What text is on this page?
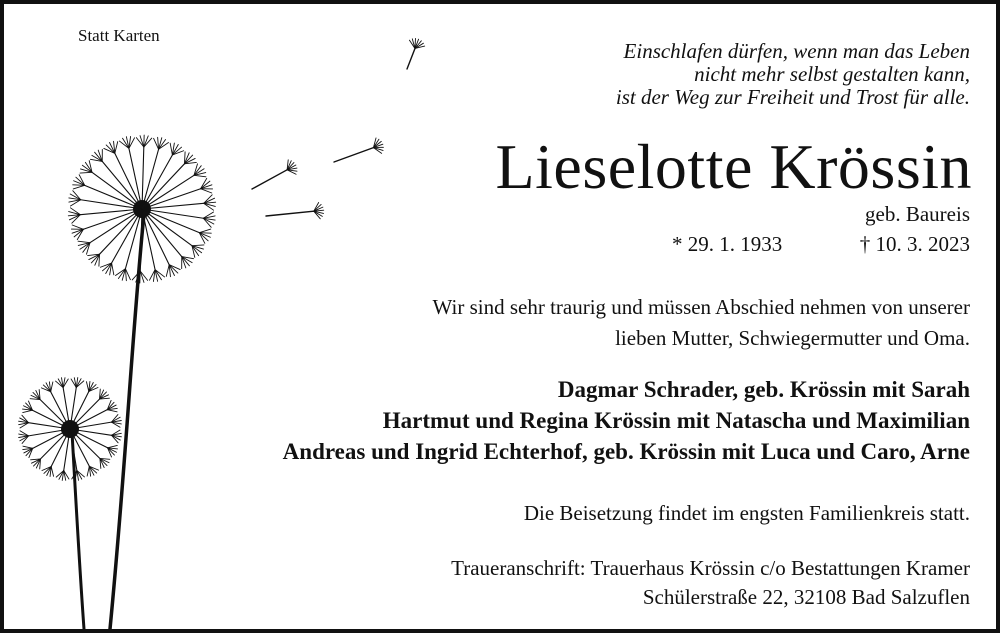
Statt Karten
Einschlafen dürfen, wenn man das Leben
nicht mehr selbst gestalten kann,
ist der Weg zur Freiheit und Trost für alle.
Lieselotte Krössin
geb. Baureis
* 29. 1. 1933	† 10. 3. 2023
Wir sind sehr traurig und müssen Abschied nehmen von unserer
lieben Mutter, Schwiegermutter und Oma.
Dagmar Schrader, geb. Krössin mit Sarah
Hartmut und Regina Krössin mit Natascha und Maximilian
Andreas und Ingrid Echterhof, geb. Krössin mit Luca und Caro, Arne
Die Beisetzung findet im engsten Familienkreis statt.
Traueranschrift: Trauerhaus Krössin c/o Bestattungen Kramer
Schülerstraße 22, 32108 Bad Salzuflen
